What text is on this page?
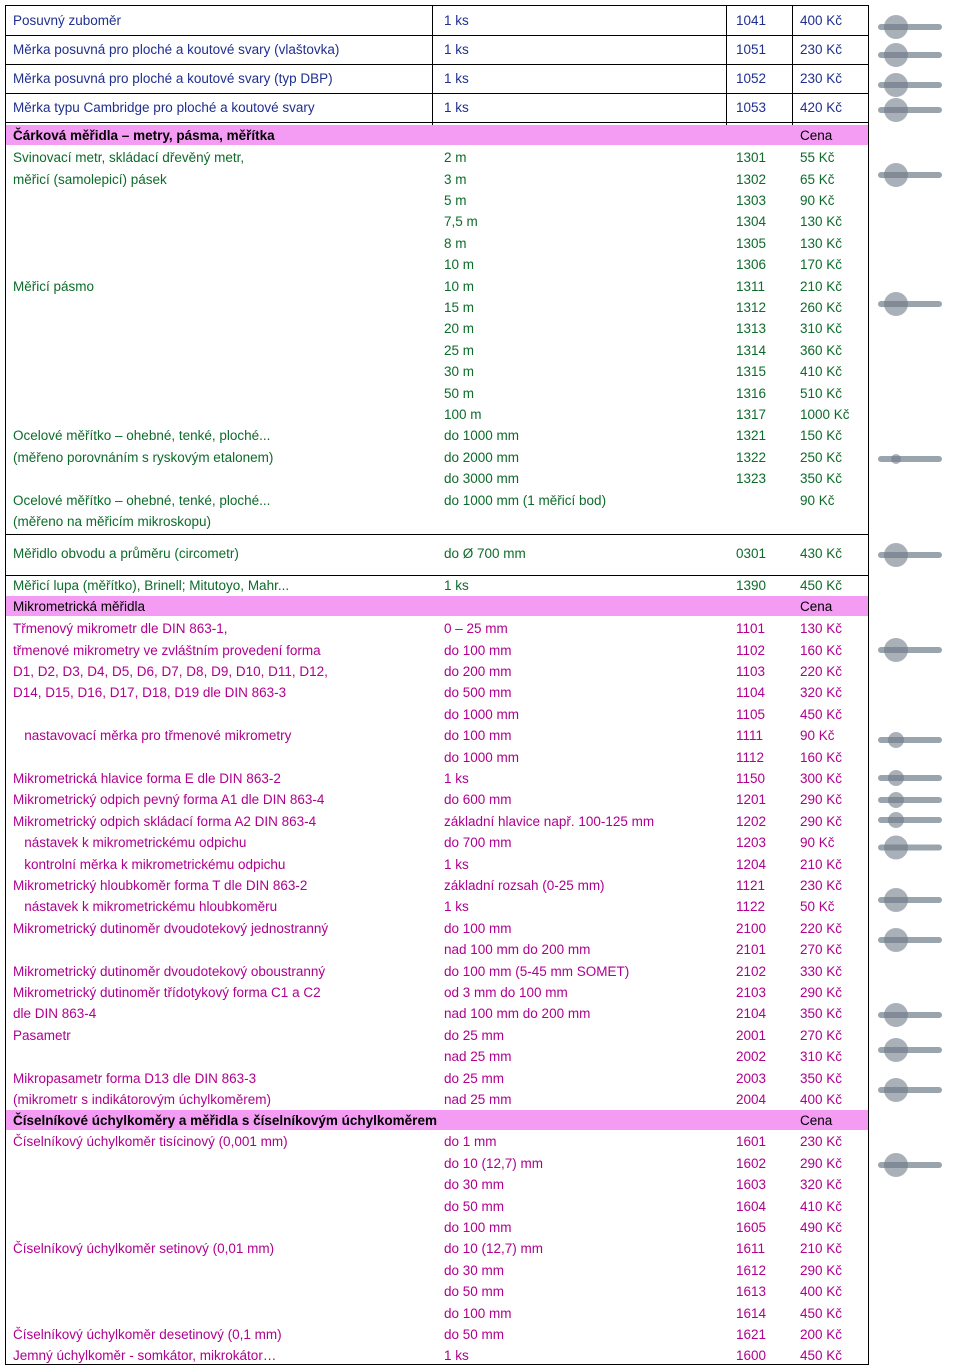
Posuvný zuboměr	1 ks	1041	400 Kč
Měrka posuvná pro ploché a koutové svary (vlaštovka)	1 ks	1051	230 Kč
Měrka posuvná pro ploché a koutové svary (typ DBP)	1 ks	1052	230 Kč
Měrka typu Cambridge pro ploché a koutové svary	1 ks	1053	420 Kč
Čárková měřidla – metry, pásma, měřítka	Cena
Svinovací metr, skládací dřevěný metr,	2 m	1301	55 Kč
měřicí (samolepicí) pásek	3 m	1302	65 Kč
5 m	1303	90 Kč
7,5 m	1304	130 Kč
8 m	1305	130 Kč
10 m	1306	170 Kč
Měřicí pásmo	10 m	1311	210 Kč
15 m	1312	260 Kč
20 m	1313	310 Kč
25 m	1314	360 Kč
30 m	1315	410 Kč
50 m	1316	510 Kč
100 m	1317	1000 Kč
Ocelové měřítko – ohebné, tenké, ploché...	do 1000 mm	1321	150 Kč
(měřeno porovnáním s ryskovým etalonem)	do 2000 mm	1322	250 Kč
do 3000 mm	1323	350 Kč
Ocelové měřítko – ohebné, tenké, ploché...	do 1000 mm (1 měřicí bod)	90 Kč
(měřeno na měřicím mikroskopu)
Měřidlo obvodu a průměru (circometr)	do Ø 700 mm	0301	430 Kč
Měřicí lupa (měřítko), Brinell; Mitutoyo, Mahr...	1 ks	1390	450 Kč
Mikrometrická měřidla	Cena
Třmenový mikrometr dle DIN 863-1,	0 – 25 mm	1101	130 Kč
třmenové mikrometry ve zvláštním provedení forma	do 100 mm	1102	160 Kč
D1, D2, D3, D4, D5, D6, D7, D8, D9, D10, D11, D12,	do 200 mm	1103	220 Kč
D14, D15, D16, D17, D18, D19 dle DIN 863-3	do 500 mm	1104	320 Kč
do 1000 mm	1105	450 Kč
nastavovací měrka pro třmenové mikrometry	do 100 mm	1111	90 Kč
do 1000 mm	1112	160 Kč
Mikrometrická hlavice forma E dle DIN 863-2	1 ks	1150	300 Kč
Mikrometrický odpich pevný forma A1 dle DIN 863-4	do 600 mm	1201	290 Kč
Mikrometrický odpich skládací forma A2 DIN 863-4	základní hlavice např. 100-125 mm	1202	290 Kč
nástavek k mikrometrickému odpichu	do 700 mm	1203	90 Kč
kontrolní měrka k mikrometrickému odpichu	1 ks	1204	210 Kč
Mikrometrický hloubkoměr forma T dle DIN 863-2	základní rozsah (0-25 mm)	1121	230 Kč
nástavek k mikrometrickému hloubkoměru	1 ks	1122	50 Kč
Mikrometrický dutinoměr dvoudotekový jednostranný	do 100 mm	2100	220 Kč
nad 100 mm do 200 mm	2101	270 Kč
Mikrometrický dutinoměr dvoudotekový oboustranný	do 100 mm (5-45 mm SOMET)	2102	330 Kč
Mikrometrický dutinoměr třídotykový forma C1 a C2	od 3 mm do 100 mm	2103	290 Kč
dle DIN 863-4	nad 100 mm do 200 mm	2104	350 Kč
Pasametr	do 25 mm	2001	270 Kč
nad 25 mm	2002	310 Kč
Mikropasametr forma D13 dle DIN 863-3	do 25 mm	2003	350 Kč
(mikrometr s indikátorovým úchylkoměrem)	nad 25 mm	2004	400 Kč
Číselníkové úchylkoměry a měřidla s číselníkovým úchylkoměrem	Cena
Číselníkový úchylkoměr tisícinový (0,001 mm)	do 1 mm	1601	230 Kč
do 10 (12,7) mm	1602	290 Kč
do 30 mm	1603	320 Kč
do 50 mm	1604	410 Kč
do 100 mm	1605	490 Kč
Číselníkový úchylkoměr setinový (0,01 mm)	do 10 (12,7) mm	1611	210 Kč
do 30 mm	1612	290 Kč
do 50 mm	1613	400 Kč
do 100 mm	1614	450 Kč
Číselníkový úchylkoměr desetinový (0,1 mm)	do 50 mm	1621	200 Kč
Jemný úchylkoměr - somkátor, mikrokátor…	1 ks	1600	450 Kč
